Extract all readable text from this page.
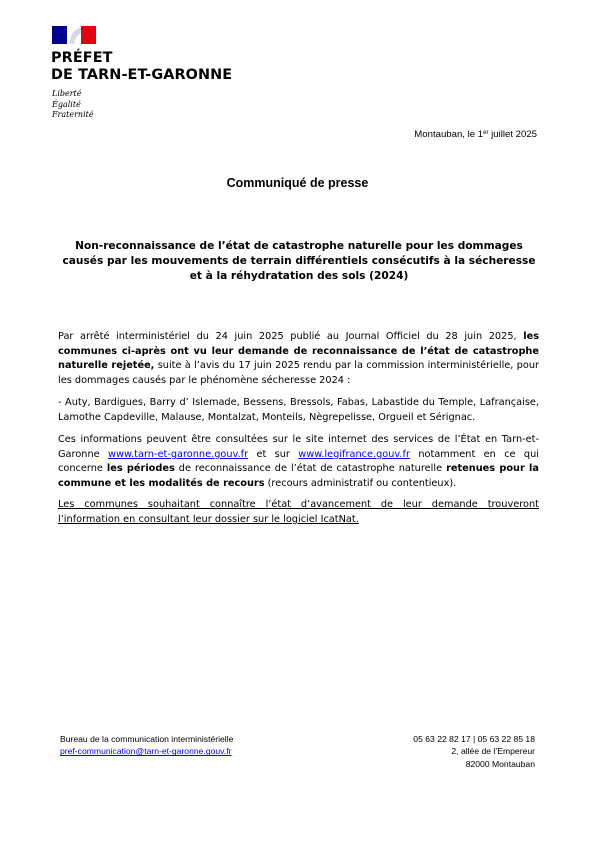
PRÉFET
DE TARN-ET-GARONNE
Liberté
Égalité
Fraternité
Montauban, le 1er juillet 2025
Communiqué de presse
Non-reconnaissance de l’état de catastrophe naturelle pour les dommages causés par les mouvements de terrain différentiels consécutifs à la sécheresse et à la réhydratation des sols (2024)
Par arrêté interministériel du 24 juin 2025 publié au Journal Officiel du 28 juin 2025, les communes ci-après ont vu leur demande de reconnaissance de l’état de catastrophe naturelle rejetée, suite à l’avis du 17 juin 2025 rendu par la commission interministérielle, pour les dommages causés par le phénomène sécheresse 2024 :
- Auty, Bardigues, Barry d’ Islemade, Bessens, Bressols, Fabas, Labastide du Temple, Lafrançaise, Lamothe Capdeville, Malause, Montalzat, Monteils, Nègrepelisse, Orgueil et Sérignac.
Ces informations peuvent être consultées sur le site internet des services de l’État en Tarn-et-Garonne www.tarn-et-garonne.gouv.fr et sur www.legifrance.gouv.fr notamment en ce qui concerne les périodes de reconnaissance de l’état de catastrophe naturelle retenues pour la commune et les modalités de recours (recours administratif ou contentieux).
Les communes souhaitant connaître l’état d’avancement de leur demande trouveront l’information en consultant leur dossier sur le logiciel IcatNat.
Bureau de la communication interministérielle
pref-communication@tarn-et-garonne.gouv.fr
05 63 22 82 17 | 05 63 22 85 18
2, allée de l’Empereur
82000 Montauban
